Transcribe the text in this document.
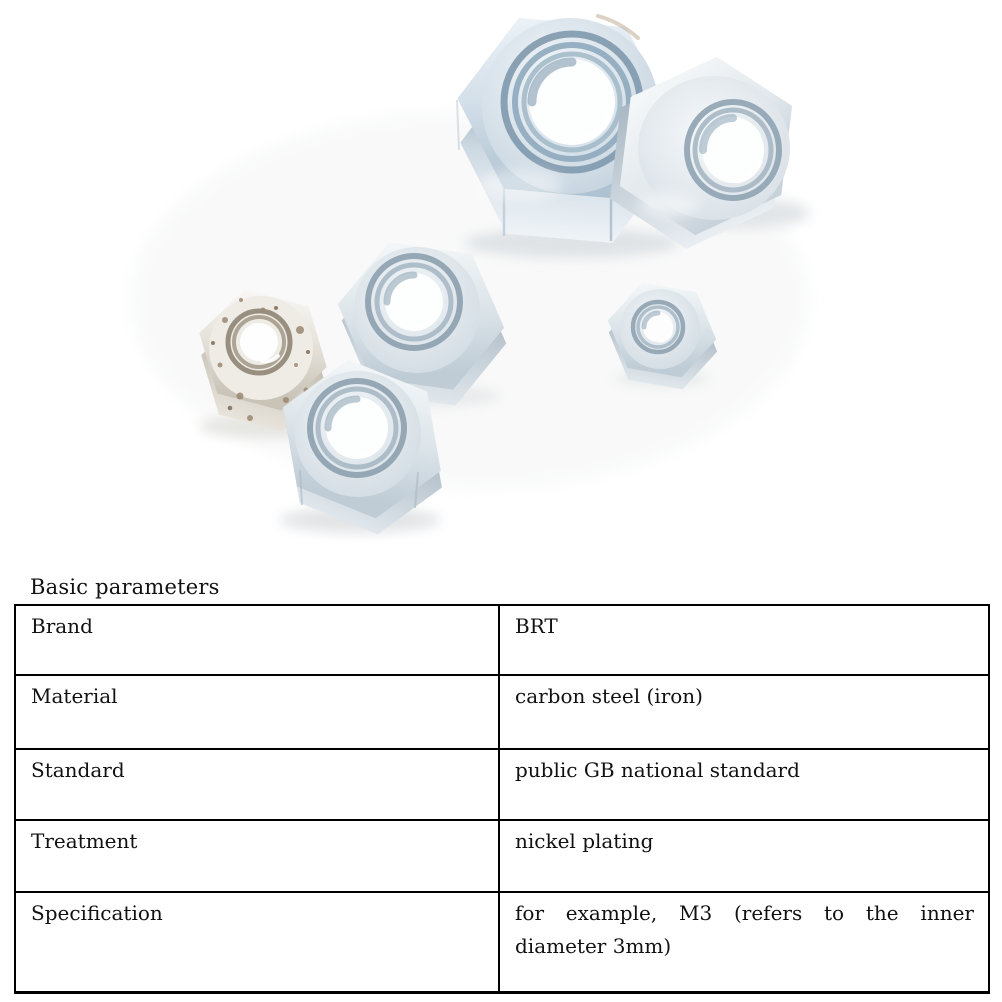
Basic parameters
Brand	BRT
Material	carbon steel (iron)
Standard	public GB national standard
Treatment	nickel plating
Specification	for example, M3 (refers to the inner diameter 3mm)
